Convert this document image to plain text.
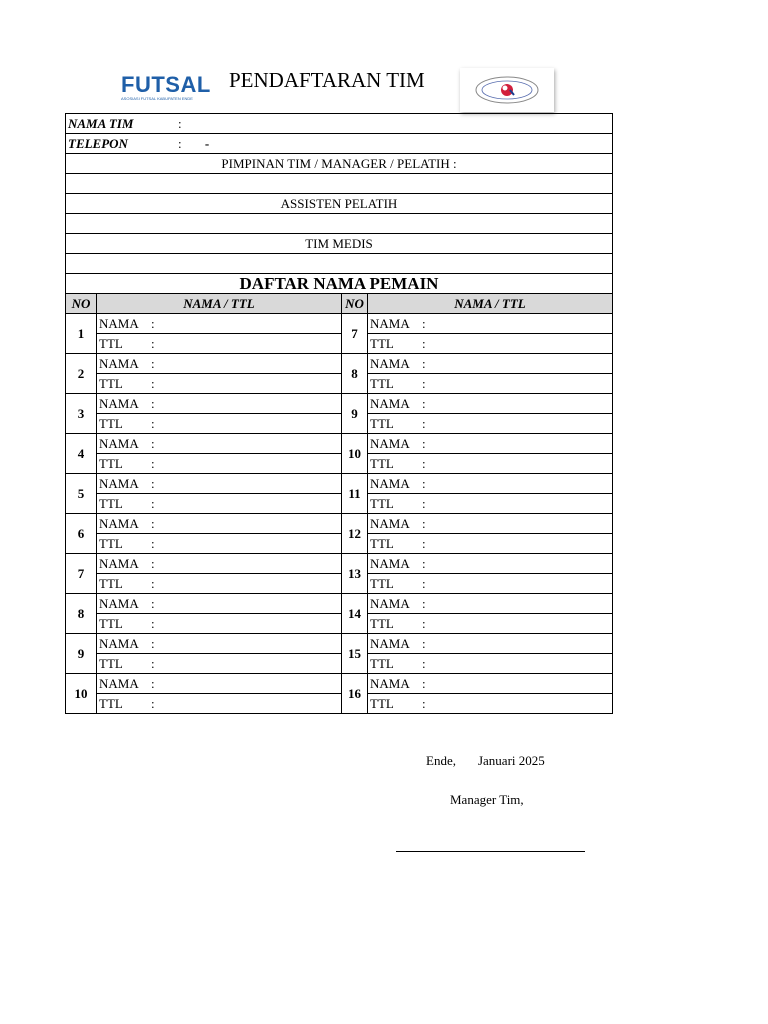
FUTSAL
ASOSIASI FUTSAL KABUPATEN ENDE
PENDAFTARAN TIM
NAMA TIM :			
TELEPON : -			
PIMPINAN TIM / MANAGER / PELATIH :			

ASSISTEN PELATIH			

TIM MEDIS			

DAFTAR NAMA PEMAIN			
NO	NAMA / TTL	NO	NAMA / TTL
1	NAMA :	7	NAMA :
	TTL :		TTL :
2	NAMA :	8	NAMA :
	TTL :		TTL :
3	NAMA :	9	NAMA :
	TTL :		TTL :
4	NAMA :	10	NAMA :
	TTL :		TTL :
5	NAMA :	11	NAMA :
	TTL :		TTL :
6	NAMA :	12	NAMA :
	TTL :		TTL :
7	NAMA :	13	NAMA :
	TTL :		TTL :
8	NAMA :	14	NAMA :
	TTL :		TTL :
9	NAMA :	15	NAMA :
	TTL :		TTL :
10	NAMA :	16	NAMA :
	TTL :		TTL :
Ende, Januari 2025
Manager Tim,
